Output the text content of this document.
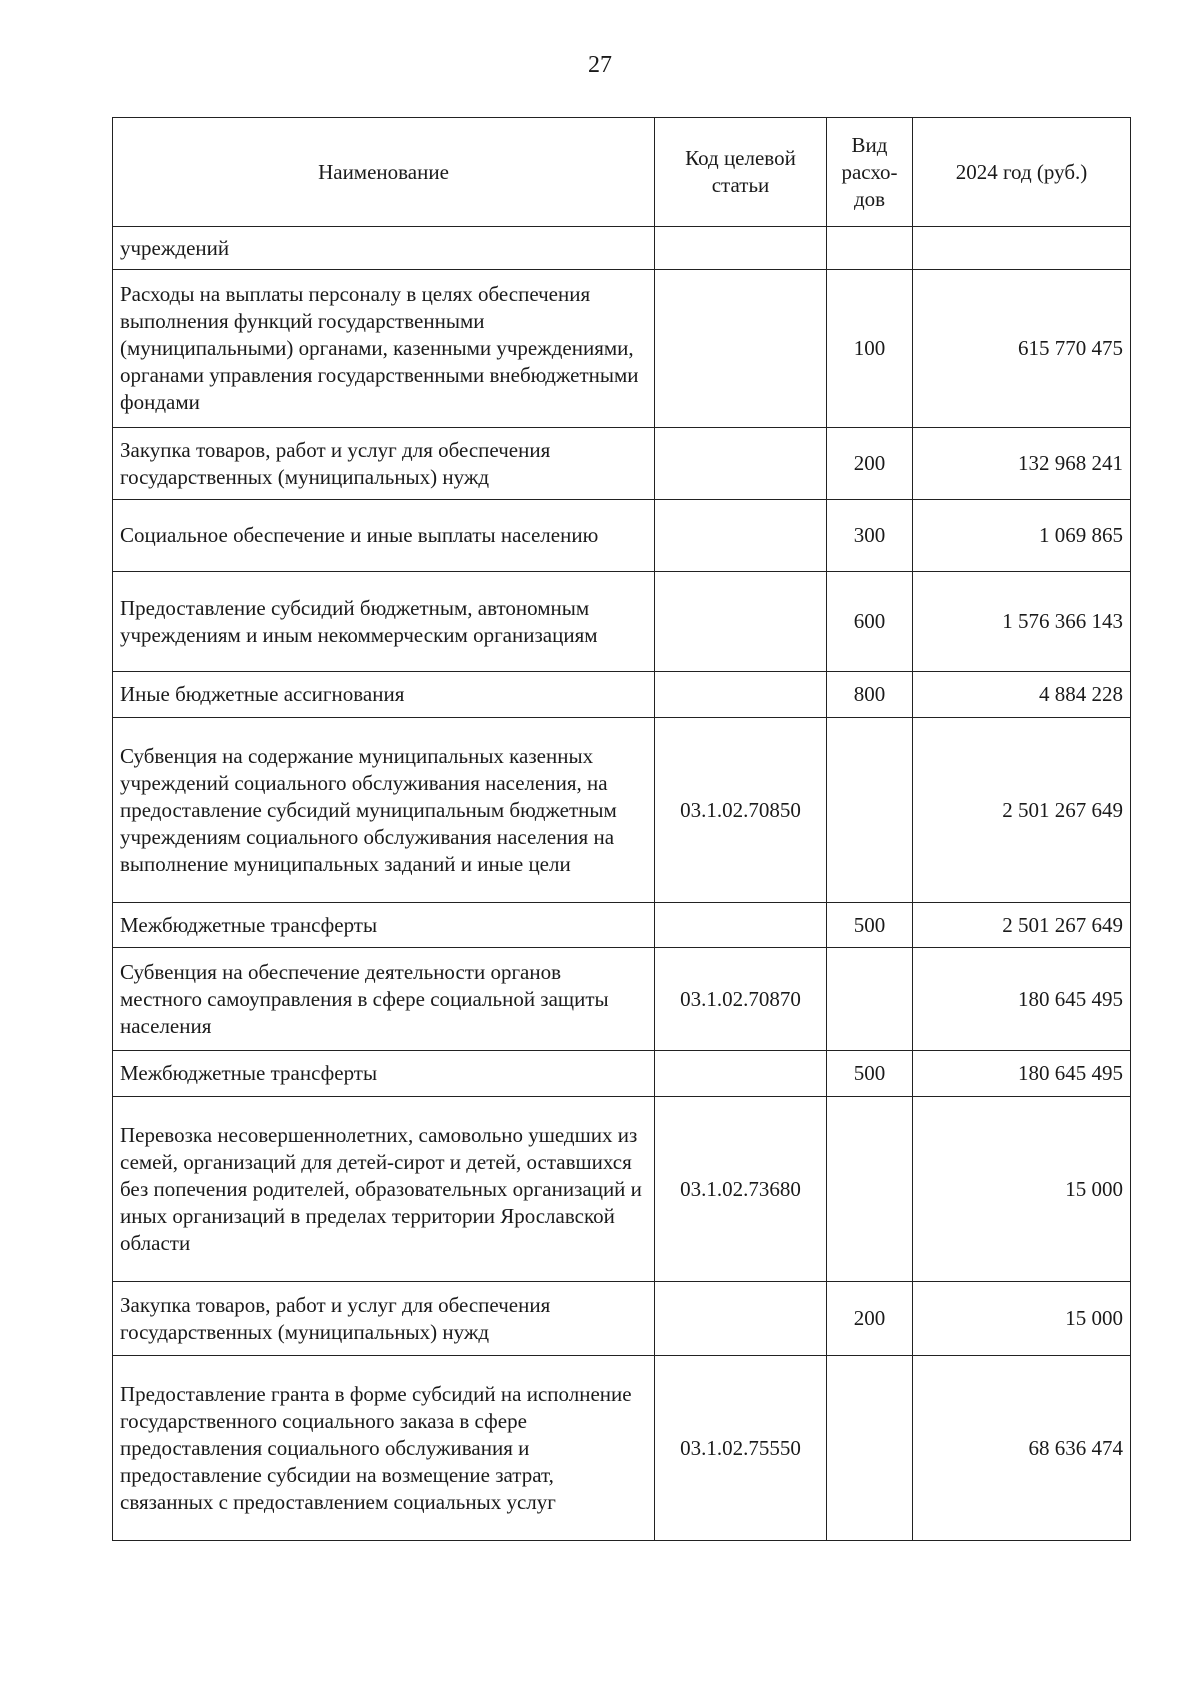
27
Наименование	Код целевой статьи	Вид расхо-дов	2024 год (руб.)
учреждений			
Расходы на выплаты персоналу в целях обеспечения выполнения функций государственными (муниципальными) органами, казенными учреждениями, органами управления государственными внебюджетными фондами		100	615 770 475
Закупка товаров, работ и услуг для обеспечения государственных (муниципальных) нужд		200	132 968 241
Социальное обеспечение и иные выплаты населению		300	1 069 865
Предоставление субсидий бюджетным, автономным учреждениям и иным некоммерческим организациям		600	1 576 366 143
Иные бюджетные ассигнования		800	4 884 228
Субвенция на содержание муниципальных казенных учреждений социального обслуживания населения, на предоставление субсидий муниципальным бюджетным учреждениям социального обслуживания населения на выполнение муниципальных заданий и иные цели	03.1.02.70850		2 501 267 649
Межбюджетные трансферты		500	2 501 267 649
Субвенция на обеспечение деятельности органов местного самоуправления в сфере социальной защиты населения	03.1.02.70870		180 645 495
Межбюджетные трансферты		500	180 645 495
Перевозка несовершеннолетних, самовольно ушедших из семей, организаций для детей-сирот и детей, оставшихся без попечения родителей, образовательных организаций и иных организаций в пределах территории Ярославской области	03.1.02.73680		15 000
Закупка товаров, работ и услуг для обеспечения государственных (муниципальных) нужд		200	15 000
Предоставление гранта в форме субсидий на исполнение государственного социального заказа в сфере предоставления социального обслуживания и предоставление субсидии на возмещение затрат, связанных с предоставлением социальных услуг	03.1.02.75550		68 636 474
